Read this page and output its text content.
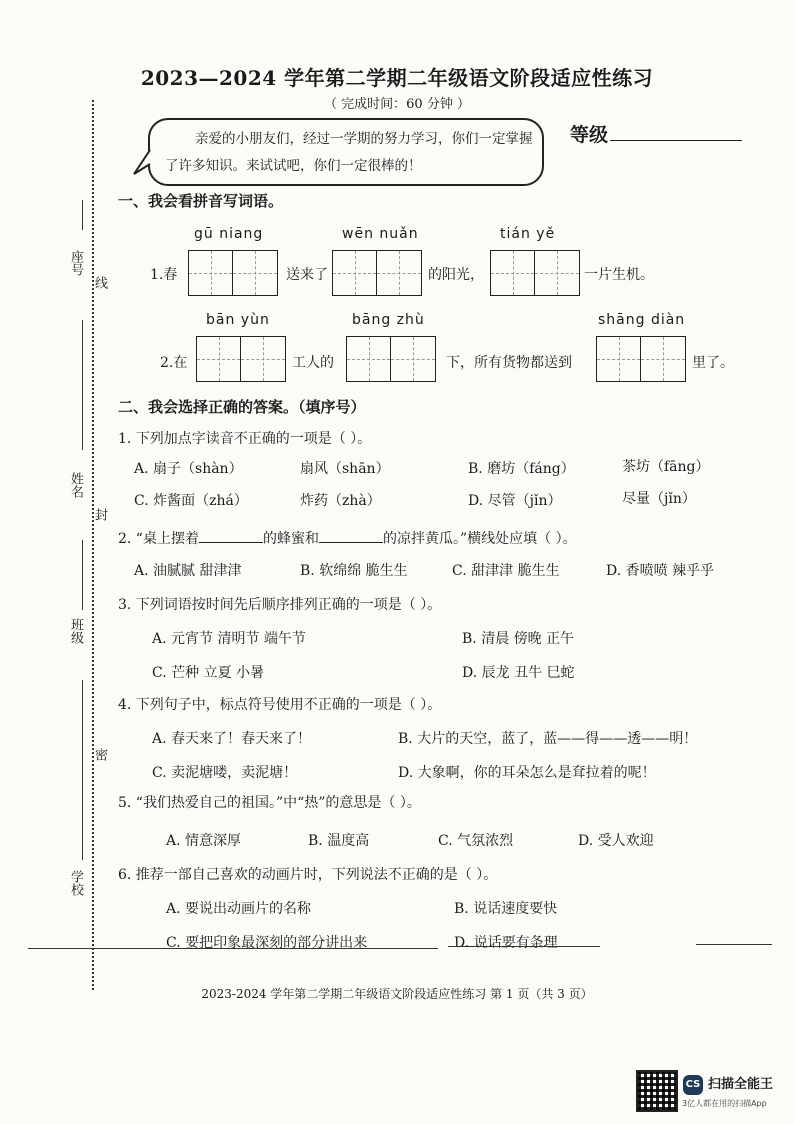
2023—2024 学年第二学期二年级语文阶段适应性练习
（ 完成时间：60 分钟 ）
亲爱的小朋友们，经过一学期的努力学习，你们一定掌握了许多知识。来试试吧，你们一定很棒的！
等级
座号
线
姓名
封
班级
密
学校
一、我会看拼音写词语。
gū niang	wēn nuǎn	tián yě
1.春	送来了	的阳光，	一片生机。
bān yùn	bāng zhù	shāng diàn
2.在	工人的	下，所有货物都送到	里了。
二、我会选择正确的答案。（填序号）
1. 下列加点字读音不正确的一项是（ ）。
A. 扇子（shàn）	扇风（shān）	B. 磨坊（fáng）	茶坊（fāng）
C. 炸酱面（zhá）	炸药（zhà）	D. 尽管（jǐn）	尽量（jǐn）
2. “桌上摆着	的蜂蜜和	的凉拌黄瓜。”横线处应填（ ）。
A. 油腻腻 甜津津	B. 软绵绵 脆生生	C. 甜津津 脆生生	D. 香喷喷 辣乎乎
3. 下列词语按时间先后顺序排列正确的一项是（ ）。
A. 元宵节 清明节 端午节	B. 清晨 傍晚 正午
C. 芒种 立夏 小暑	D. 辰龙 丑牛 巳蛇
4. 下列句子中，标点符号使用不正确的一项是（ ）。
A. 春天来了！春天来了！	B. 大片的天空，蓝了，蓝——得——透——明！
C. 卖泥塘喽，卖泥塘！	D. 大象啊，你的耳朵怎么是耷拉着的呢！
5. “我们热爱自己的祖国。”中“热”的意思是（ ）。
A. 情意深厚	B. 温度高	C. 气氛浓烈	D. 受人欢迎
6. 推荐一部自己喜欢的动画片时，下列说法不正确的是（ ）。
A. 要说出动画片的名称	B. 说话速度要快
C. 要把印象最深刻的部分讲出来	D. 说话要有条理
2023-2024 学年第二学期二年级语文阶段适应性练习 第 1 页（共 3 页）
CS 扫描全能王
3亿人都在用的扫描App
